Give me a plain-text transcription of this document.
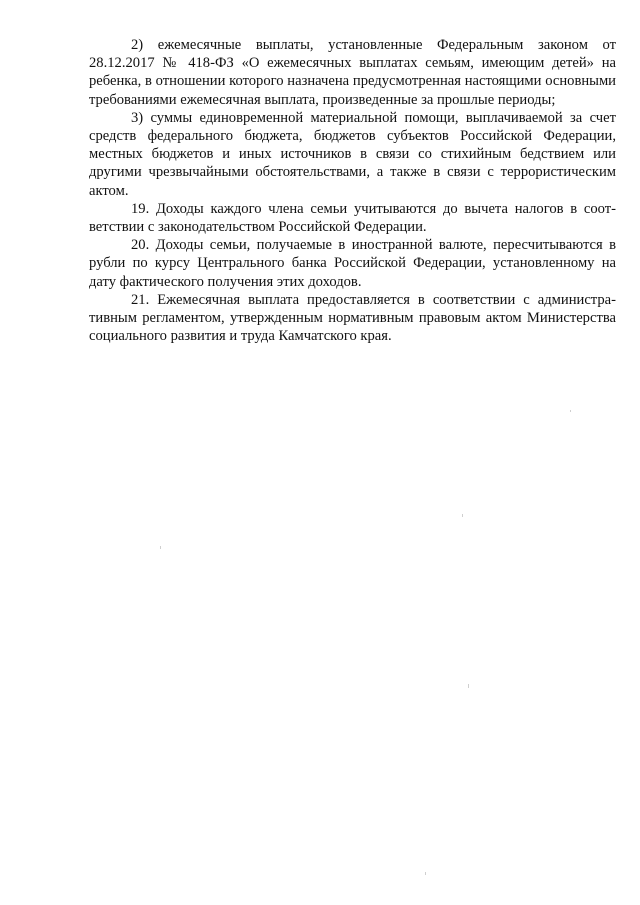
2) ежемесячные выплаты, установленные Федеральным законом от 28.12.2017 № 418-ФЗ «О ежемесячных выплатах семьям, имеющим детей» на ребенка, в отношении которого назначена предусмотренная настоящими основными требованиями ежемесячная выплата, произведенные за прошлые периоды;

3) суммы единовременной материальной помощи, выплачиваемой за счет средств федерального бюджета, бюджетов субъектов Российской Федерации, местных бюджетов и иных источников в связи со стихийным бедствием или другими чрезвычайными обстоятельствами, а также в связи с террористическим актом.

19. Доходы каждого члена семьи учитываются до вычета налогов в соответствии с законодательством Российской Федерации.

20. Доходы семьи, получаемые в иностранной валюте, пересчитываются в рубли по курсу Центрального банка Российской Федерации, установленному на дату фактического получения этих доходов.

21. Ежемесячная выплата предоставляется в соответствии с административным регламентом, утвержденным нормативным правовым актом Министерства социального развития и труда Камчатского края.
